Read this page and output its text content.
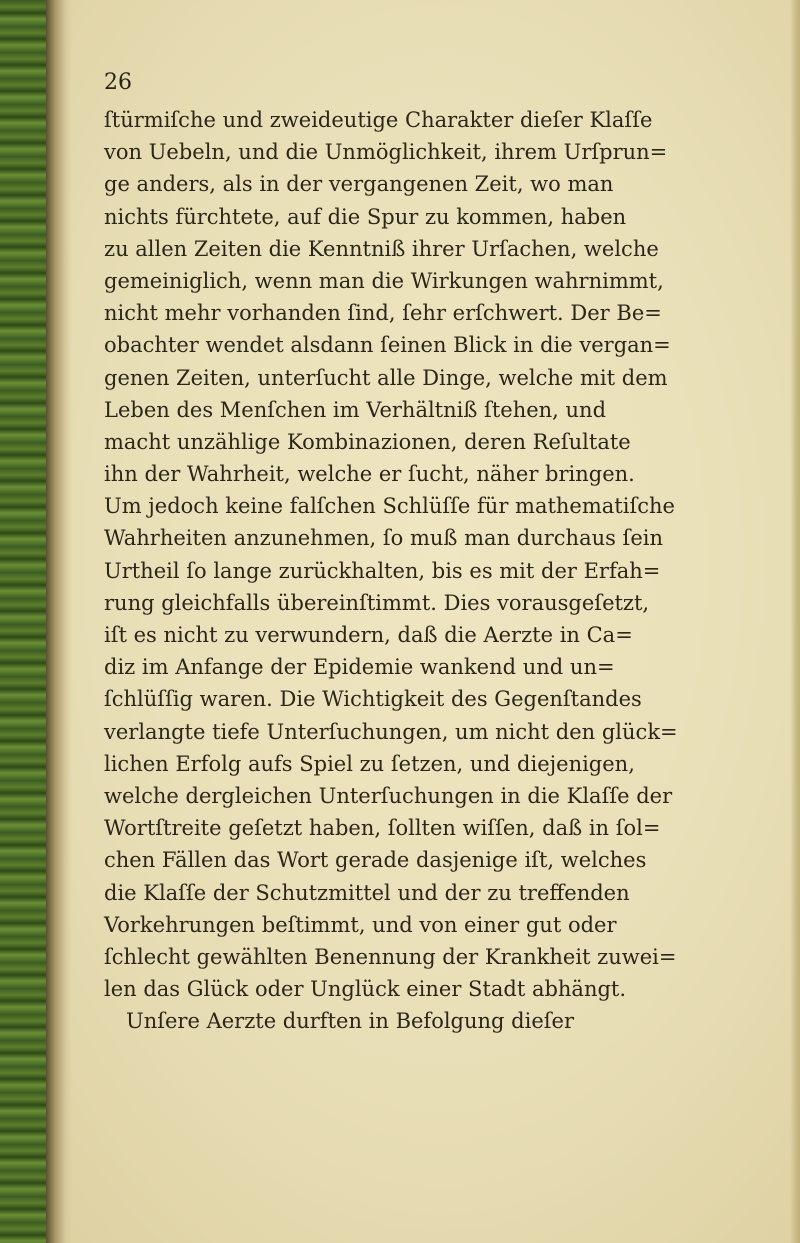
26
ſtürmiſche und zweideutige Charakter dieſer Klaſſe
von Uebeln, und die Unmöglichkeit, ihrem Urſprun=
ge anders, als in der vergangenen Zeit, wo man
nichts fürchtete, auf die Spur zu kommen, haben
zu allen Zeiten die Kenntniß ihrer Urſachen, welche
gemeiniglich, wenn man die Wirkungen wahrnimmt,
nicht mehr vorhanden ſind, ſehr erſchwert. Der Be=
obachter wendet alsdann ſeinen Blick in die vergan=
genen Zeiten, unterſucht alle Dinge, welche mit dem
Leben des Menſchen im Verhältniß ſtehen, und
macht unzählige Kombinazionen, deren Reſultate
ihn der Wahrheit, welche er ſucht, näher bringen.
Um jedoch keine falſchen Schlüſſe für mathematiſche
Wahrheiten anzunehmen, ſo muß man durchaus ſein
Urtheil ſo lange zurückhalten, bis es mit der Erfah=
rung gleichfalls übereinſtimmt. Dies vorausgeſetzt,
iſt es nicht zu verwundern, daß die Aerzte in Ca=
diz im Anfange der Epidemie wankend und un=
ſchlüſſig waren. Die Wichtigkeit des Gegenſtandes
verlangte tiefe Unterſuchungen, um nicht den glück=
lichen Erfolg aufs Spiel zu ſetzen, und diejenigen,
welche dergleichen Unterſuchungen in die Klaſſe der
Wortſtreite geſetzt haben, ſollten wiſſen, daß in ſol=
chen Fällen das Wort gerade dasjenige iſt, welches
die Klaſſe der Schutzmittel und der zu treffenden
Vorkehrungen beſtimmt, und von einer gut oder
ſchlecht gewählten Benennung der Krankheit zuwei=
len das Glück oder Unglück einer Stadt abhängt.
Unſere Aerzte durften in Befolgung dieſer
